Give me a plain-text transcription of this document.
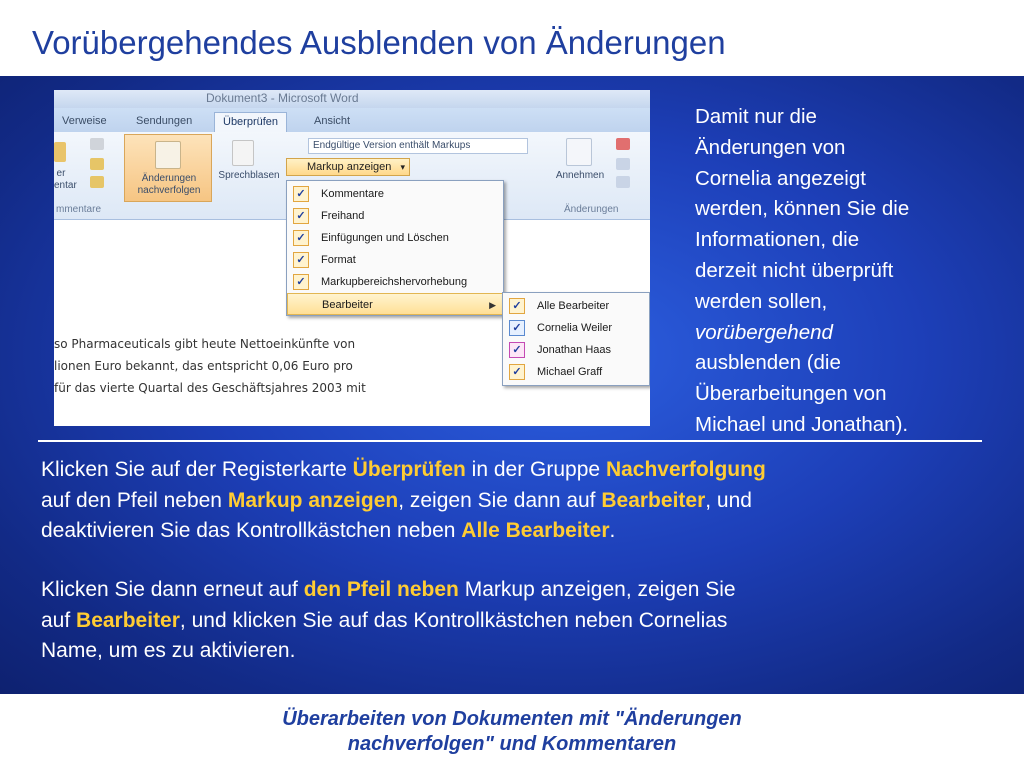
Vorübergehendes Ausblenden von Änderungen
Dokument3 - Microsoft Word
Verweise	Sendungen	Überprüfen	Ansicht
er
entar
mmentare
Änderungen
nachverfolgen
Sprechblasen	Annehmen
Änderungen
Endgültige Version enthält Markups
Markup anzeigen ▾
so Pharmaceuticals gibt heute Nettoeinkünfte von
lionen Euro bekannt, das entspricht 0,06 Euro pro
für das vierte Quartal des Geschäftsjahres 2003 mit
✓	Kommentare
✓	Freihand
✓	Einfügungen und Löschen
✓	Format
✓	Markupbereichshervorhebung
Bearbeiter	▶	✓	Alle Bearbeiter
✓	Cornelia Weiler
✓	Jonathan Haas
✓	Michael Graff
Damit nur die
Änderungen von
Cornelia angezeigt
werden, können Sie die
Informationen, die
derzeit nicht überprüft
werden sollen,
vorübergehend
ausblenden (die
Überarbeitungen von
Michael und Jonathan).
Klicken Sie auf der Registerkarte Überprüfen in der Gruppe Nachverfolgung
auf den Pfeil neben Markup anzeigen, zeigen Sie dann auf Bearbeiter, und
deaktivieren Sie das Kontrollkästchen neben Alle Bearbeiter.
Klicken Sie dann erneut auf den Pfeil neben Markup anzeigen, zeigen Sie
auf Bearbeiter, und klicken Sie auf das Kontrollkästchen neben Cornelias
Name, um es zu aktivieren.
Überarbeiten von Dokumenten mit "Änderungen
nachverfolgen" und Kommentaren
